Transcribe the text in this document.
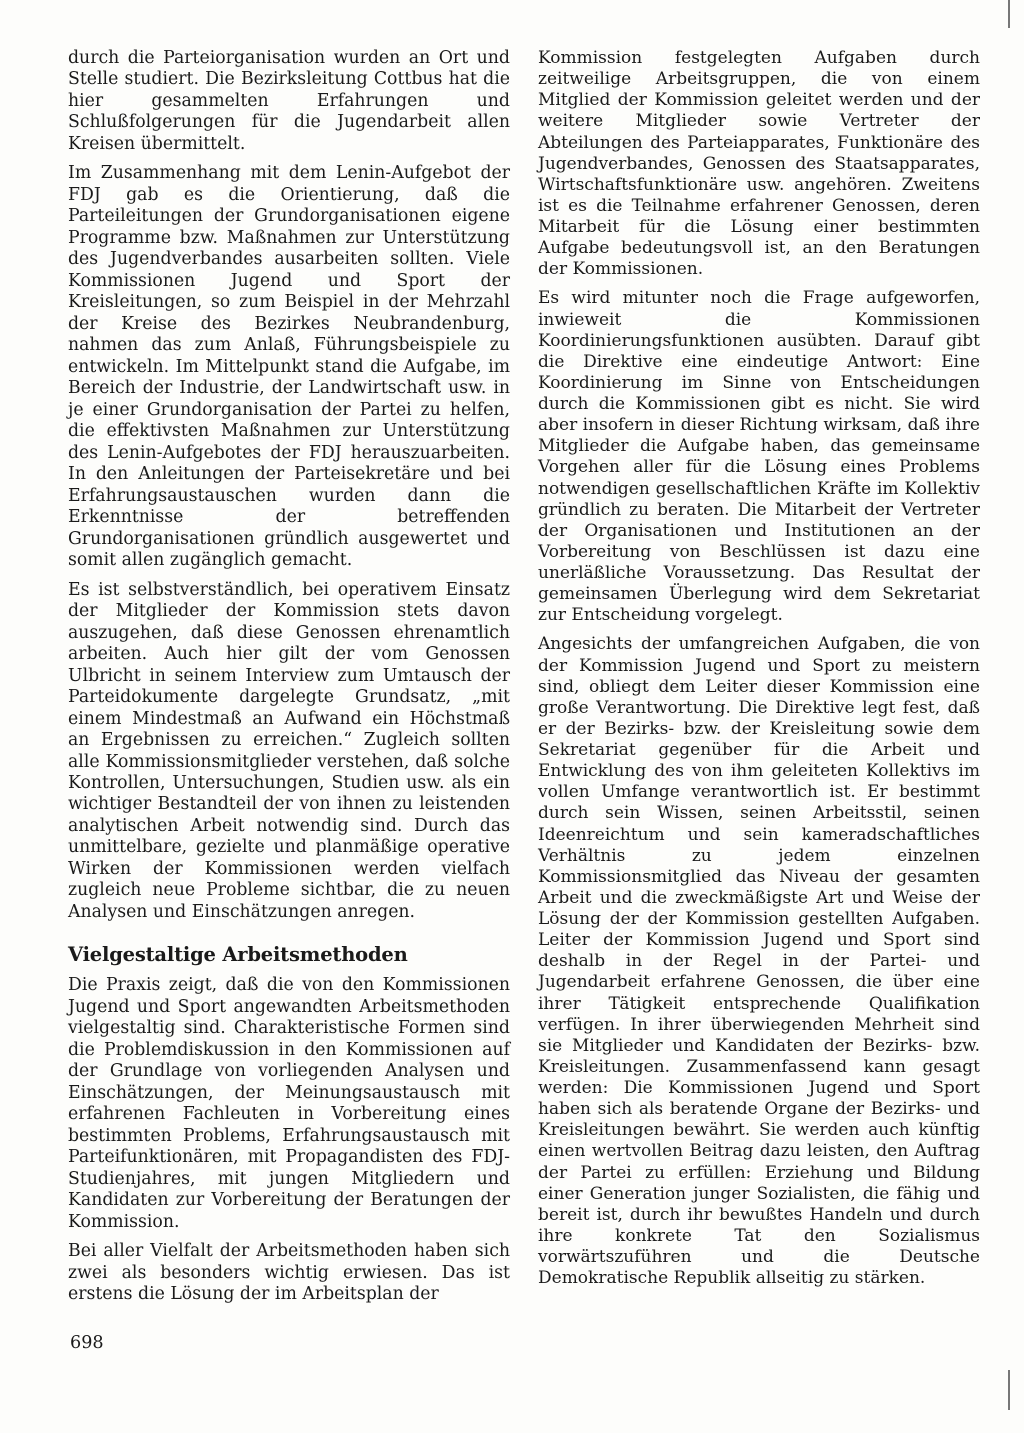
durch die Parteiorganisation wurden an Ort und Stelle studiert. Die Bezirksleitung Cottbus hat die hier gesammelten Erfahrungen und Schlußfolgerungen für die Jugendarbeit allen Kreisen übermittelt.

Im Zusammenhang mit dem Lenin-Aufgebot der FDJ gab es die Orientierung, daß die Parteileitungen der Grundorganisationen eigene Programme bzw. Maßnahmen zur Unterstützung des Jugendverbandes ausarbeiten sollten. Viele Kommissionen Jugend und Sport der Kreisleitungen, so zum Beispiel in der Mehrzahl der Kreise des Bezirkes Neubrandenburg, nahmen das zum Anlaß, Führungsbeispiele zu entwickeln. Im Mittelpunkt stand die Aufgabe, im Bereich der Industrie, der Landwirtschaft usw. in je einer Grundorganisation der Partei zu helfen, die effektivsten Maßnahmen zur Unterstützung des Lenin-Aufgebotes der FDJ herauszuarbeiten. In den Anleitungen der Parteisekretäre und bei Erfahrungsaustauschen wurden dann die Erkenntnisse der betreffenden Grundorganisationen gründlich ausgewertet und somit allen zugänglich gemacht.

Es ist selbstverständlich, bei operativem Einsatz der Mitglieder der Kommission stets davon auszugehen, daß diese Genossen ehrenamtlich arbeiten. Auch hier gilt der vom Genossen Ulbricht in seinem Interview zum Umtausch der Parteidokumente dargelegte Grundsatz, „mit einem Mindestmaß an Aufwand ein Höchstmaß an Ergebnissen zu erreichen.“ Zugleich sollten alle Kommissionsmitglieder verstehen, daß solche Kontrollen, Untersuchungen, Studien usw. als ein wichtiger Bestandteil der von ihnen zu leistenden analytischen Arbeit notwendig sind. Durch das unmittelbare, gezielte und planmäßige operative Wirken der Kommissionen werden vielfach zugleich neue Probleme sichtbar, die zu neuen Analysen und Einschätzungen anregen.

Vielgestaltige Arbeitsmethoden

Die Praxis zeigt, daß die von den Kommissionen Jugend und Sport angewandten Arbeitsmethoden vielgestaltig sind. Charakteristische Formen sind die Problemdiskussion in den Kommissionen auf der Grundlage von vorliegenden Analysen und Einschätzungen, der Meinungsaustausch mit erfahrenen Fachleuten in Vorbereitung eines bestimmten Problems, Erfahrungsaustausch mit Parteifunktionären, mit Propagandisten des FDJ-Studienjahres, mit jungen Mitgliedern und Kandidaten zur Vorbereitung der Beratungen der Kommission.

Bei aller Vielfalt der Arbeitsmethoden haben sich zwei als besonders wichtig erwiesen. Das ist erstens die Lösung der im Arbeitsplan der

Kommission festgelegten Aufgaben durch zeitweilige Arbeitsgruppen, die von einem Mitglied der Kommission geleitet werden und der weitere Mitglieder sowie Vertreter der Abteilungen des Parteiapparates, Funktionäre des Jugendverbandes, Genossen des Staatsapparates, Wirtschaftsfunktionäre usw. angehören. Zweitens ist es die Teilnahme erfahrener Genossen, deren Mitarbeit für die Lösung einer bestimmten Aufgabe bedeutungsvoll ist, an den Beratungen der Kommissionen.

Es wird mitunter noch die Frage aufgeworfen, inwieweit die Kommissionen Koordinierungsfunktionen ausübten. Darauf gibt die Direktive eine eindeutige Antwort: Eine Koordinierung im Sinne von Entscheidungen durch die Kommissionen gibt es nicht. Sie wird aber insofern in dieser Richtung wirksam, daß ihre Mitglieder die Aufgabe haben, das gemeinsame Vorgehen aller für die Lösung eines Problems notwendigen gesellschaftlichen Kräfte im Kollektiv gründlich zu beraten. Die Mitarbeit der Vertreter der Organisationen und Institutionen an der Vorbereitung von Beschlüssen ist dazu eine unerläßliche Voraussetzung. Das Resultat der gemeinsamen Überlegung wird dem Sekretariat zur Entscheidung vorgelegt.

Angesichts der umfangreichen Aufgaben, die von der Kommission Jugend und Sport zu meistern sind, obliegt dem Leiter dieser Kommission eine große Verantwortung. Die Direktive legt fest, daß er der Bezirks- bzw. der Kreisleitung sowie dem Sekretariat gegenüber für die Arbeit und Entwicklung des von ihm geleiteten Kollektivs im vollen Umfange verantwortlich ist. Er bestimmt durch sein Wissen, seinen Arbeitsstil, seinen Ideenreichtum und sein kameradschaftliches Verhältnis zu jedem einzelnen Kommissionsmitglied das Niveau der gesamten Arbeit und die zweckmäßigste Art und Weise der Lösung der der Kommission gestellten Aufgaben. Leiter der Kommission Jugend und Sport sind deshalb in der Regel in der Partei- und Jugendarbeit erfahrene Genossen, die über eine ihrer Tätigkeit entsprechende Qualifikation verfügen. In ihrer überwiegenden Mehrheit sind sie Mitglieder und Kandidaten der Bezirks- bzw. Kreisleitungen. Zusammenfassend kann gesagt werden: Die Kommissionen Jugend und Sport haben sich als beratende Organe der Bezirks- und Kreisleitungen bewährt. Sie werden auch künftig einen wertvollen Beitrag dazu leisten, den Auftrag der Partei zu erfüllen: Erziehung und Bildung einer Generation junger Sozialisten, die fähig und bereit ist, durch ihr bewußtes Handeln und durch ihre konkrete Tat den Sozialismus vorwärtszuführen und die Deutsche Demokratische Republik allseitig zu stärken.

698
